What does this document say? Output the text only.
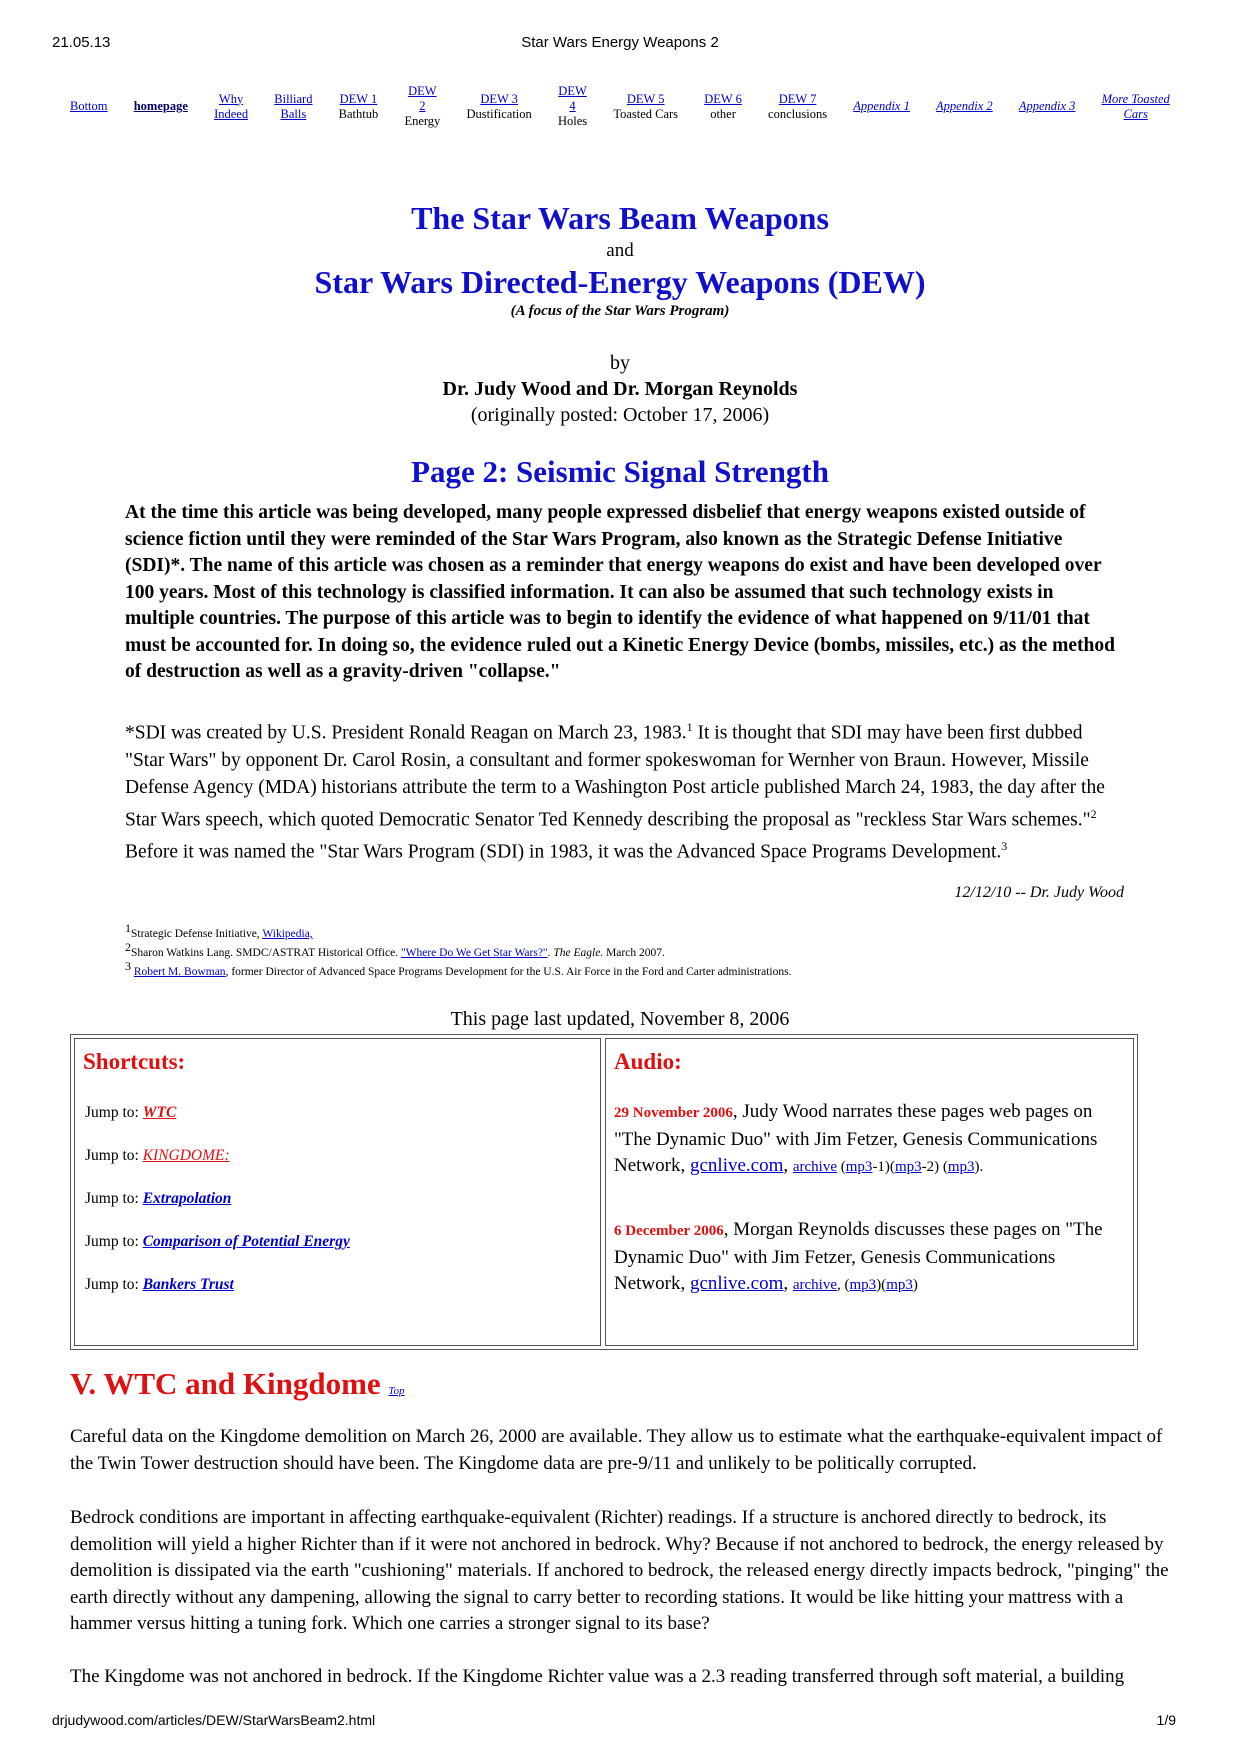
21.05.13	Star Wars Energy Weapons 2
Bottom homepage
Why
Indeed
Billiard
Balls
DEW 1
Bathtub
DEW
2
Energy
DEW 3
Dustification
DEW
4
Holes
DEW 5
Toasted Cars
DEW 6
other
DEW 7
conclusions
Appendix 1 Appendix 2 Appendix 3
More Toasted
Cars
The Star Wars Beam Weapons
and
Star Wars Directed-Energy Weapons (DEW)
(A focus of the Star Wars Program)
by
Dr. Judy Wood and Dr. Morgan Reynolds
(originally posted: October 17, 2006)
Page 2: Seismic Signal Strength
At the time this article was being developed, many people expressed disbelief that energy weapons existed outside of science fiction until they were reminded of the Star Wars Program, also known as the Strategic Defense Initiative (SDI)*. The name of this article was chosen as a reminder that energy weapons do exist and have been developed over 100 years. Most of this technology is classified information. It can also be assumed that such technology exists in multiple countries. The purpose of this article was to begin to identify the evidence of what happened on 9/11/01 that must be accounted for. In doing so, the evidence ruled out a Kinetic Energy Device (bombs, missiles, etc.) as the method of destruction as well as a gravity-driven "collapse."
*SDI was created by U.S. President Ronald Reagan on March 23, 1983.$^1$ It is thought that SDI may have been first dubbed "Star Wars" by opponent Dr. Carol Rosin, a consultant and former spokeswoman for Wernher von Braun. However, Missile Defense Agency (MDA) historians attribute the term to a Washington Post article published March 24, 1983, the day after the Star Wars speech, which quoted Democratic Senator Ted Kennedy describing the proposal as "reckless Star Wars schemes."$^2$ Before it was named the "Star Wars Program (SDI) in 1983, it was the Advanced Space Programs Development.$^3$
12/12/10 -- Dr. Judy Wood
$^1$Strategic Defense Initiative, Wikipedia,
$^2$Sharon Watkins Lang. SMDC/ASTRAT Historical Office. "Where Do We Get Star Wars?". The Eagle. March 2007.
$^3$ Robert M. Bowman, former Director of Advanced Space Programs Development for the U.S. Air Force in the Ford and Carter administrations.
This page last updated, November 8, 2006
Shortcuts:
Jump to: WTC
Jump to: KINGDOME:
Jump to: Extrapolation
Jump to: Comparison of Potential Energy
Jump to: Bankers Trust
Audio:
29 November 2006, Judy Wood narrates these pages web pages on "The Dynamic Duo" with Jim Fetzer, Genesis Communications Network, gcnlive.com, archive (mp3-1)(mp3-2) (mp3).
6 December 2006, Morgan Reynolds discusses these pages on "The Dynamic Duo" with Jim Fetzer, Genesis Communications Network, gcnlive.com, archive, (mp3)(mp3)
V. WTC and Kingdome Top
Careful data on the Kingdome demolition on March 26, 2000 are available. They allow us to estimate what the earthquake-equivalent impact of the Twin Tower destruction should have been. The Kingdome data are pre-9/11 and unlikely to be politically corrupted.
Bedrock conditions are important in affecting earthquake-equivalent (Richter) readings. If a structure is anchored directly to bedrock, its demolition will yield a higher Richter than if it were not anchored in bedrock. Why? Because if not anchored to bedrock, the energy released by demolition is dissipated via the earth "cushioning" materials. If anchored to bedrock, the released energy directly impacts bedrock, "pinging" the earth directly without any dampening, allowing the signal to carry better to recording stations. It would be like hitting your mattress with a hammer versus hitting a tuning fork. Which one carries a stronger signal to its base?
The Kingdome was not anchored in bedrock. If the Kingdome Richter value was a 2.3 reading transferred through soft material, a building
drjudywood.com/articles/DEW/StarWarsBeam2.html	1/9
